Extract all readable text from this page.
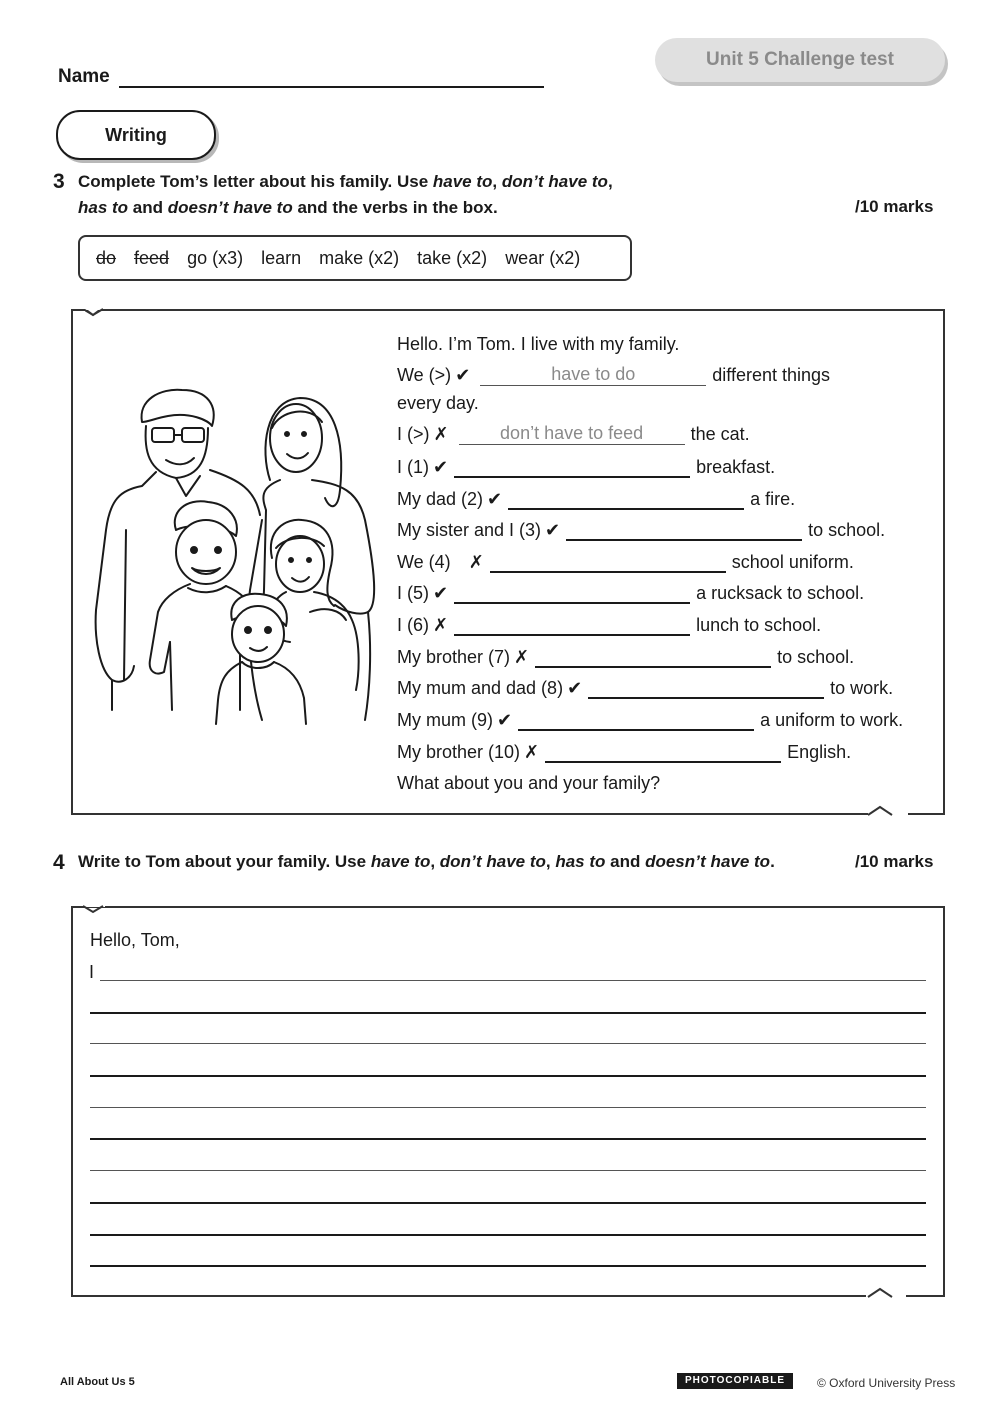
Name
Unit 5 Challenge test
Writing
3 Complete Tom’s letter about his family. Use have to, don’t have to,
has to and doesn’t have to and the verbs in the box.	/10 marks
do feed go (x3) learn make (x2) take (x2) wear (x2)
Hello. I’m Tom. I live with my family.
We (>) ✔	have to do	different things
every day.
I (>) ✗	don’t have to feed	the cat.
I (1) ✔	breakfast.
My dad (2) ✔	a fire.
My sister and I (3) ✔	to school.
We (4) ✗	school uniform.
I (5) ✔	a rucksack to school.
I (6) ✗	lunch to school.
My brother (7) ✗	to school.
My mum and dad (8) ✔	to work.
My mum (9) ✔	a uniform to work.
My brother (10) ✗	English.
What about you and your family?
4 Write to Tom about your family. Use have to, don’t have to, has to and doesn’t have to.	/10 marks
Hello, Tom,
I
All About Us 5	PHOTOCOPIABLE	© Oxford University Press
